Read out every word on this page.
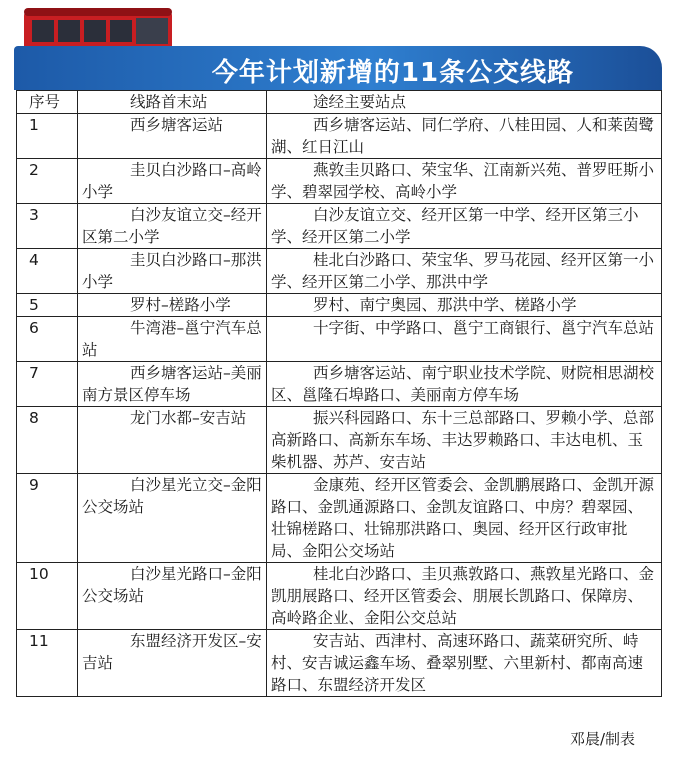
今年计划新增的11条公交线路
序号	线路首末站	途经主要站点

1	西乡塘客运站	西乡塘客运站、同仁学府、八桂田园、人和莱茵鹭湖、红日江山

2	圭贝白沙路口–高岭小学	燕敦圭贝路口、荣宝华、江南新兴苑、普罗旺斯小学、碧翠园学校、高岭小学

3	白沙友谊立交–经开区第二小学	白沙友谊立交、经开区第一中学、经开区第三小学、经开区第二小学

4	圭贝白沙路口–那洪小学	桂北白沙路口、荣宝华、罗马花园、经开区第一小学、经开区第二小学、那洪中学

5	罗村–槎路小学	罗村、南宁奥园、那洪中学、槎路小学

6	牛湾港–邕宁汽车总站	十字街、中学路口、邕宁工商银行、邕宁汽车总站

7	西乡塘客运站–美丽南方景区停车场	西乡塘客运站、南宁职业技术学院、财院相思湖校区、邕隆石埠路口、美丽南方停车场

8	龙门水都–安吉站	振兴科园路口、东十三总部路口、罗赖小学、总部高新路口、高新东车场、丰达罗赖路口、丰达电机、玉柴机器、苏芦、安吉站

9	白沙星光立交–金阳公交场站	金康苑、经开区管委会、金凯鹏展路口、金凯开源路口、金凯通源路口、金凯友谊路口、中房？碧翠园、壮锦槎路口、壮锦那洪路口、奥园、经开区行政审批局、金阳公交场站

10	白沙星光路口–金阳公交场站	桂北白沙路口、圭贝燕敦路口、燕敦星光路口、金凯朋展路口、经开区管委会、朋展长凯路口、保障房、高岭路企业、金阳公交总站

11	东盟经济开发区–安吉站	安吉站、西津村、高速环路口、蔬菜研究所、峙村、安吉诚运鑫车场、叠翠别墅、六里新村、都南高速路口、东盟经济开发区
邓晨/制表
